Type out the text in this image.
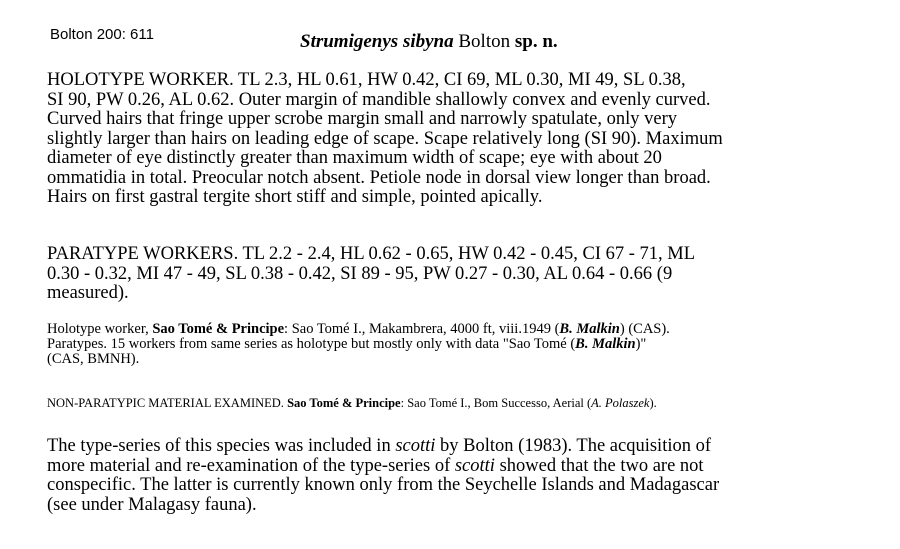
Bolton 200: 611	Strumigenys sibyna Bolton sp. n.
HOLOTYPE WORKER. TL 2.3, HL 0.61, HW 0.42, CI 69, ML 0.30, MI 49, SL 0.38,
SI 90, PW 0.26, AL 0.62. Outer margin of mandible shallowly convex and evenly curved.
Curved hairs that fringe upper scrobe margin small and narrowly spatulate, only very
slightly larger than hairs on leading edge of scape. Scape relatively long (SI 90). Maximum
diameter of eye distinctly greater than maximum width of scape; eye with about 20
ommatidia in total. Preocular notch absent. Petiole node in dorsal view longer than broad.
Hairs on first gastral tergite short stiff and simple, pointed apically.
PARATYPE WORKERS. TL 2.2 - 2.4, HL 0.62 - 0.65, HW 0.42 - 0.45, CI 67 - 71, ML
0.30 - 0.32, MI 47 - 49, SL 0.38 - 0.42, SI 89 - 95, PW 0.27 - 0.30, AL 0.64 - 0.66 (9
measured).
Holotype worker, Sao Tomé & Principe: Sao Tomé I., Makambrera, 4000 ft, viii.1949 (B. Malkin) (CAS).
Paratypes. 15 workers from same series as holotype but mostly only with data "Sao Tomé (B. Malkin)"
(CAS, BMNH).
NON-PARATYPIC MATERIAL EXAMINED. Sao Tomé & Principe: Sao Tomé I., Bom Successo, Aerial (A. Polaszek).
The type-series of this species was included in scotti by Bolton (1983). The acquisition of
more material and re-examination of the type-series of scotti showed that the two are not
conspecific. The latter is currently known only from the Seychelle Islands and Madagascar
(see under Malagasy fauna).
